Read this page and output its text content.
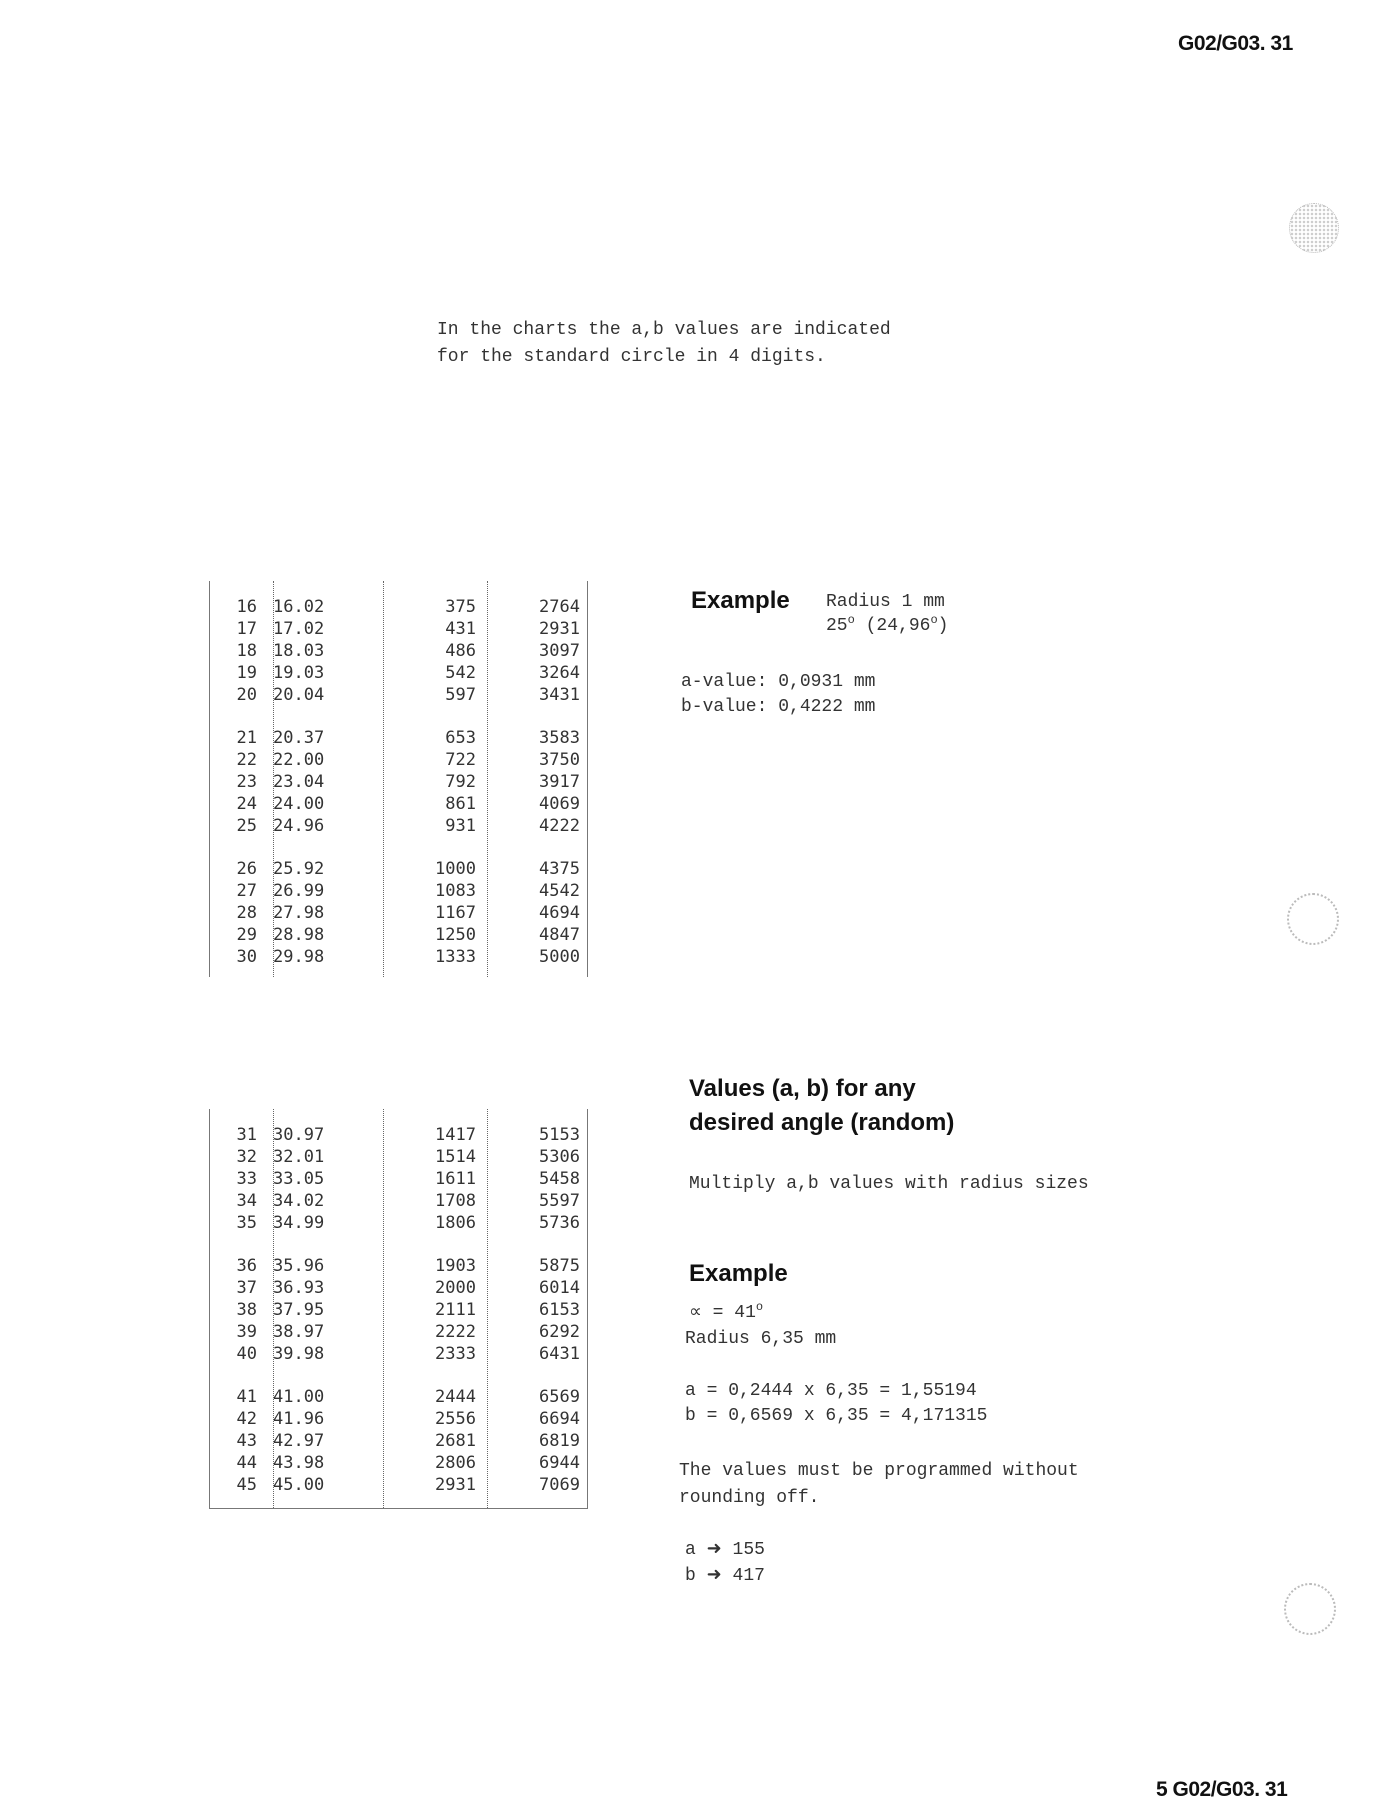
G02/G03. 31
In the charts the a,b values are indicated
for the standard circle in 4 digits.
16 16.02	375	2764
17 17.02	431	2931
18 18.03	486	3097
19 19.03	542	3264
20 20.04	597	3431
21 20.37	653	3583
22 22.00	722	3750
23 23.04	792	3917
24 24.00	861	4069
25 24.96	931	4222
26 25.92	1000	4375
27 26.99	1083	4542
28 27.98	1167	4694
29 28.98	1250	4847
30 29.98	1333	5000
31 30.97	1417	5153
32 32.01	1514	5306
33 33.05	1611	5458
34 34.02	1708	5597
35 34.99	1806	5736
36 35.96	1903	5875
37 36.93	2000	6014
38 37.95	2111	6153
39 38.97	2222	6292
40 39.98	2333	6431
41 41.00	2444	6569
42 41.96	2556	6694
43 42.97	2681	6819
44 43.98	2806	6944
45 45.00	2931	7069
Example Radius 1 mm
25$^o$ (24,96$^o$)
a-value: 0,0931 mm
b-value: 0,4222 mm
Values (a, b) for any
desired angle (random)
Multiply a,b values with radius sizes
Example
∝ = $41^o$
Radius 6,35 mm
a = 0,2444 x 6,35 = 1,55194
b = 0,6569 x 6,35 = 4,171315
The values must be programmed without
rounding off.
a ➜ 155
b ➜ 417
5 G02/G03. 31
